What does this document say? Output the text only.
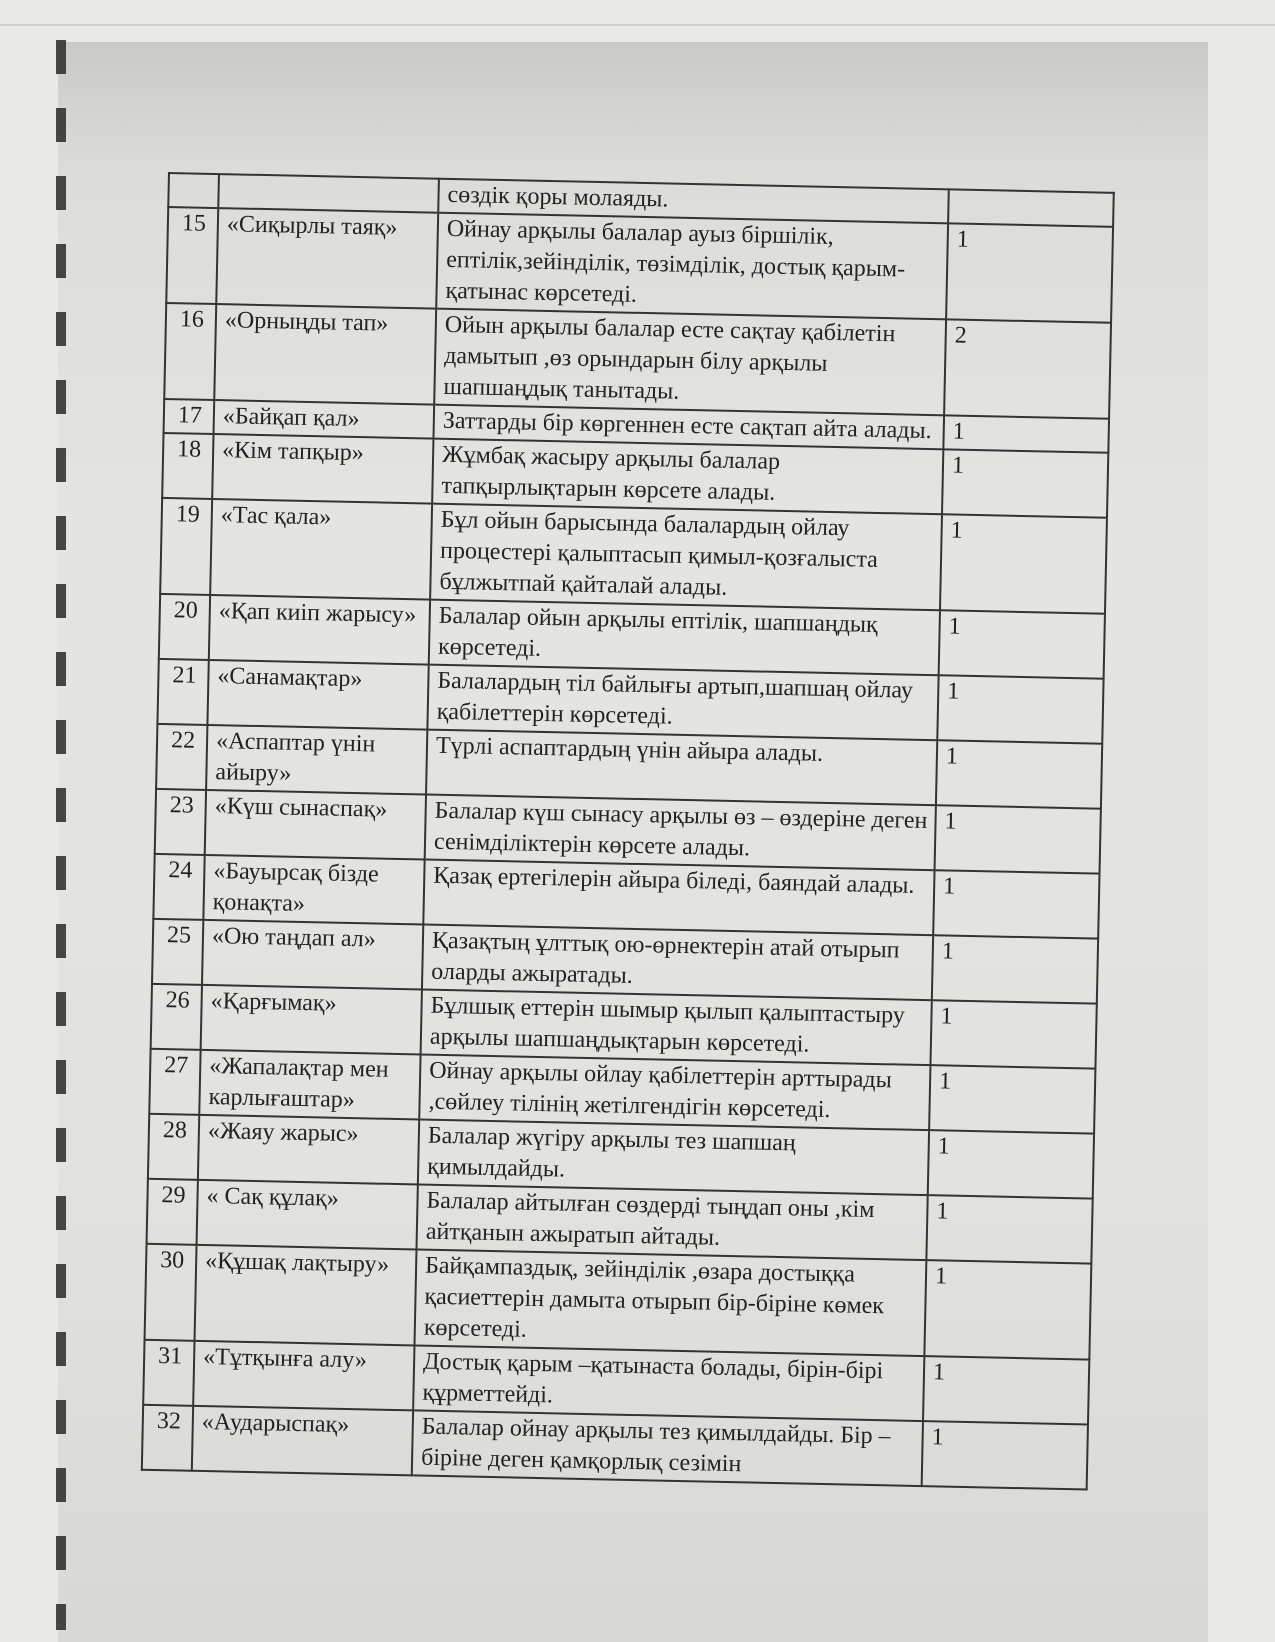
		сөздік қоры молаяды.	
15	«Сиқырлы таяқ»	Ойнау арқылы балалар ауыз біршілік, ептілік,зейінділік, төзімділік, достық қарым-қатынас көрсетеді.	1
16	«Орныңды тап»	Ойын арқылы балалар есте сақтау қабілетін дамытып ,өз орындарын білу арқылы шапшаңдық танытады.	2
17	«Байқап қал»	Заттарды бір көргеннен есте сақтап айта алады.	1
18	«Кім тапқыр»	Жұмбақ жасыру арқылы балалар тапқырлықтарын көрсете алады.	1
19	«Тас қала»	Бұл ойын барысында балалардың ойлау процестері қалыптасып қимыл-қозғалыста бұлжытпай қайталай алады.	1
20	«Қап киіп жарысу»	Балалар ойын арқылы ептілік, шапшаңдық көрсетеді.	1
21	«Санамақтар»	Балалардың тіл байлығы артып,шапшаң ойлау қабілеттерін көрсетеді.	1
22	«Аспаптар үнін айыру»	Түрлі аспаптардың үнін айыра алады.	1
23	«Күш сынаспақ»	Балалар күш сынасу арқылы өз – өздеріне деген сенімділіктерін көрсете алады.	1
24	«Бауырсақ бізде қонақта»	Қазақ ертегілерін айыра біледі, баяндай алады.	1
25	«Ою таңдап ал»	Қазақтың ұлттық ою-өрнектерін атай отырып оларды ажыратады.	1
26	«Қарғымақ»	Бұлшық еттерін шымыр қылып қалыптастыру арқылы шапшаңдықтарын көрсетеді.	1
27	«Жапалақтар мен карлығаштар»	Ойнау арқылы ойлау қабілеттерін арттырады ,сөйлеу тілінің жетілгендігін көрсетеді.	1
28	«Жаяу жарыс»	Балалар жүгіру арқылы тез шапшаң қимылдайды.	1
29	« Сақ құлақ»	Балалар айтылған сөздерді тыңдап оны ,кім айтқанын ажыратып айтады.	1
30	«Құшақ лақтыру»	Байқампаздық, зейінділік ,өзара достыққа қасиеттерін дамыта отырып бір-біріне көмек көрсетеді.	1
31	«Тұтқынға алу»	Достық қарым –қатынаста болады, бірін-бірі құрметтейді.	1
32	«Аударыспақ»	Балалар ойнау арқылы тез қимылдайды. Бір –біріне деген қамқорлық сезімін	1
